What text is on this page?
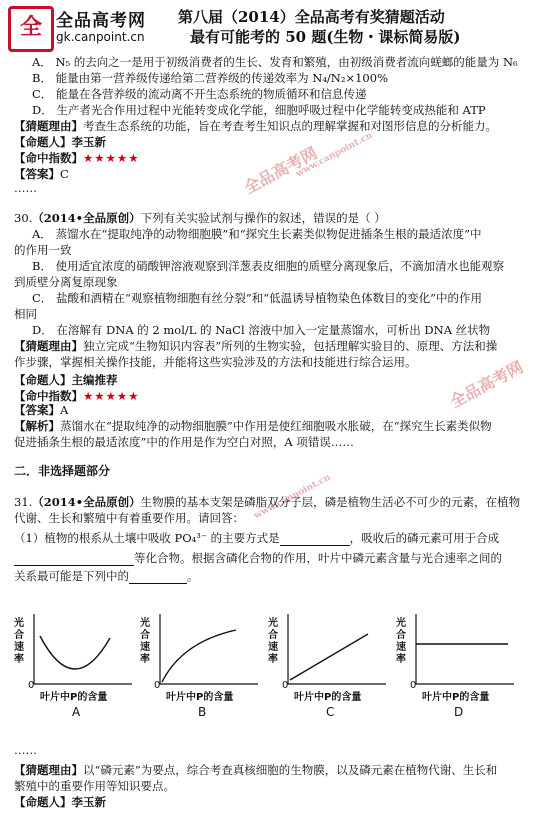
全 全品高考网
gk.canpoint.cn
第八届（2014）全品高考有奖猜题活动
最有可能考的 50 题(生物・课标简易版)
全品高考网
www.canpoint.cn
全品高考网
www.canpoint.cn
A． N₅ 的去向之一是用于初级消费者的生长、发育和繁殖，由初级消费者流向蜣螂的能量为 N₆
B． 能量由第一营养级传递给第二营养级的传递效率为 N₄/N₂×100%
C． 能量在各营养级的流动离不开生态系统的物质循环和信息传递
D． 生产者光合作用过程中光能转变成化学能，细胞呼吸过程中化学能转变成热能和 ATP
【猜题理由】考查生态系统的功能，旨在考查考生知识点的理解掌握和对图形信息的分析能力。
【命题人】李玉新
【命中指数】★★★★★
【答案】C
……
30.（2014•全品原创）下列有关实验试剂与操作的叙述，错误的是（ ）
A． 蒸馏水在“提取纯净的动物细胞膜”和“探究生长素类似物促进插条生根的最适浓度”中
的作用一致
B． 使用适宜浓度的硝酸钾溶液观察到洋葱表皮细胞的质壁分离现象后，不滴加清水也能观察
到质壁分离复原现象
C． 盐酸和酒精在“观察植物细胞有丝分裂”和“低温诱导植物染色体数目的变化”中的作用
相同
D． 在溶解有 DNA 的 2 mol/L 的 NaCl 溶液中加入一定量蒸馏水，可析出 DNA 丝状物
【猜题理由】独立完成“生物知识内容表”所列的生物实验，包括理解实验目的、原理、方法和操
作步骤，掌握相关操作技能，并能将这些实验涉及的方法和技能进行综合运用。
【命题人】主编推荐
【命中指数】★★★★★
【答案】A
【解析】蒸馏水在“提取纯净的动物细胞膜”中作用是使红细胞吸水胀破，在“探究生长素类似物
促进插条生根的最适浓度”中的作用是作为空白对照，A 项错误……
二．非选择题部分
31.（2014•全品原创）生物膜的基本支架是磷脂双分子层，磷是植物生活必不可少的元素，在植物
代谢、生长和繁殖中有着重要作用。请回答：
（1）植物的根系从土壤中吸收 PO₄³⁻ 的主要方式是	，吸收后的磷元素可用于合成
等化合物。根据含磷化合物的作用，叶片中磷元素含量与光合速率之间的
关系最可能是下列中的	。
光合速率
0
叶片中P的含量
A
光合速率
0
叶片中P的含量
B
光合速率
0
叶片中P的含量
C
光合速率
0
叶片中P的含量
D
……
【猜题理由】以“磷元素”为要点，综合考查真核细胞的生物膜，以及磷元素在植物代谢、生长和
繁殖中的重要作用等知识要点。
【命题人】李玉新
